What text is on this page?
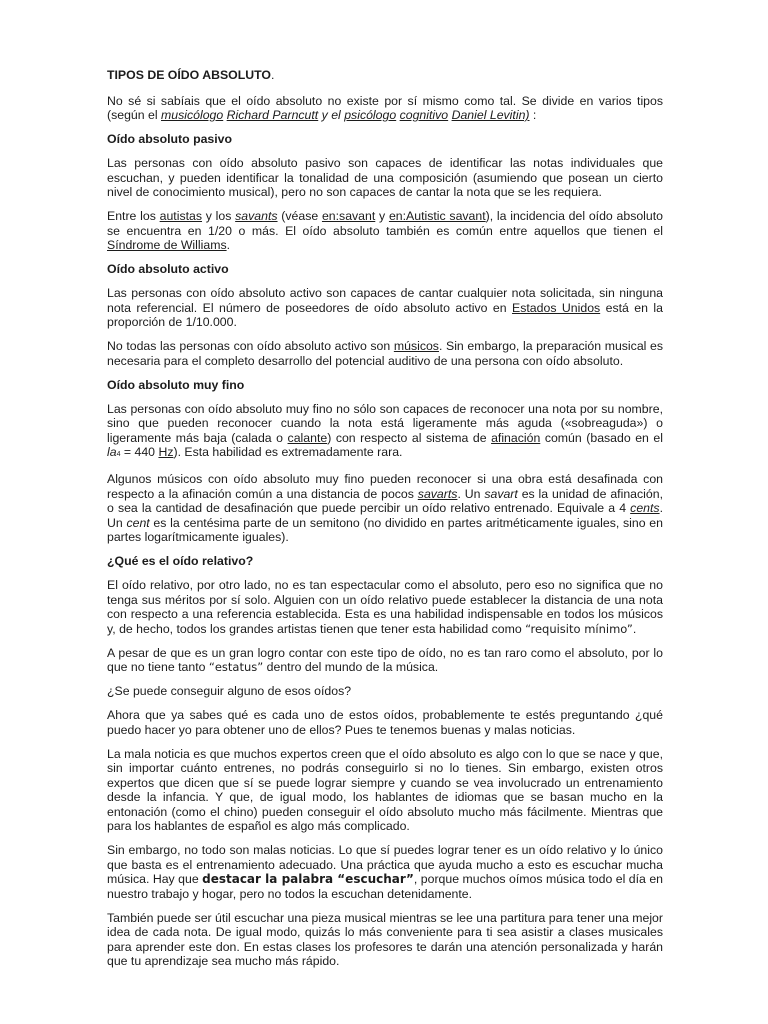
TIPOS DE OÍDO ABSOLUTO.

No sé si sabíais que el oído absoluto no existe por sí mismo como tal. Se divide en varios tipos (según el musicólogo Richard Parncutt y el psicólogo cognitivo Daniel Levitin) :

Oído absoluto pasivo

Las personas con oído absoluto pasivo son capaces de identificar las notas individuales que escuchan, y pueden identificar la tonalidad de una composición (asumiendo que posean un cierto nivel de conocimiento musical), pero no son capaces de cantar la nota que se les requiera.

Entre los autistas y los savants (véase en:savant y en:Autistic savant), la incidencia del oído absoluto se encuentra en 1/20 o más. El oído absoluto también es común entre aquellos que tienen el Síndrome de Williams.

Oído absoluto activo

Las personas con oído absoluto activo son capaces de cantar cualquier nota solicitada, sin ninguna nota referencial. El número de poseedores de oído absoluto activo en Estados Unidos está en la proporción de 1/10.000.

No todas las personas con oído absoluto activo son músicos. Sin embargo, la preparación musical es necesaria para el completo desarrollo del potencial auditivo de una persona con oído absoluto.

Oído absoluto muy fino

Las personas con oído absoluto muy fino no sólo son capaces de reconocer una nota por su nombre, sino que pueden reconocer cuando la nota está ligeramente más aguda («sobreaguda») o ligeramente más baja (calada o calante) con respecto al sistema de afinación común (basado en el la4 = 440 Hz). Esta habilidad es extremadamente rara.

Algunos músicos con oído absoluto muy fino pueden reconocer si una obra está desafinada con respecto a la afinación común a una distancia de pocos savarts. Un savart es la unidad de afinación, o sea la cantidad de desafinación que puede percibir un oído relativo entrenado. Equivale a 4 cents. Un cent es la centésima parte de un semitono (no dividido en partes aritméticamente iguales, sino en partes logarítmicamente iguales).

¿Qué es el oído relativo?

El oído relativo, por otro lado, no es tan espectacular como el absoluto, pero eso no significa que no tenga sus méritos por sí solo. Alguien con un oído relativo puede establecer la distancia de una nota con respecto a una referencia establecida. Esta es una habilidad indispensable en todos los músicos y, de hecho, todos los grandes artistas tienen que tener esta habilidad como “requisito mínimo”.

A pesar de que es un gran logro contar con este tipo de oído, no es tan raro como el absoluto, por lo que no tiene tanto “estatus” dentro del mundo de la música.

¿Se puede conseguir alguno de esos oídos?

Ahora que ya sabes qué es cada uno de estos oídos, probablemente te estés preguntando ¿qué puedo hacer yo para obtener uno de ellos? Pues te tenemos buenas y malas noticias.

La mala noticia es que muchos expertos creen que el oído absoluto es algo con lo que se nace y que, sin importar cuánto entrenes, no podrás conseguirlo si no lo tienes. Sin embargo, existen otros expertos que dicen que sí se puede lograr siempre y cuando se vea involucrado un entrenamiento desde la infancia. Y que, de igual modo, los hablantes de idiomas que se basan mucho en la entonación (como el chino) pueden conseguir el oído absoluto mucho más fácilmente. Mientras que para los hablantes de español es algo más complicado.

Sin embargo, no todo son malas noticias. Lo que sí puedes lograr tener es un oído relativo y lo único que basta es el entrenamiento adecuado. Una práctica que ayuda mucho a esto es escuchar mucha música. Hay que destacar la palabra “escuchar”, porque muchos oímos música todo el día en nuestro trabajo y hogar, pero no todos la escuchan detenidamente.

También puede ser útil escuchar una pieza musical mientras se lee una partitura para tener una mejor idea de cada nota. De igual modo, quizás lo más conveniente para ti sea asistir a clases musicales para aprender este don. En estas clases los profesores te darán una atención personalizada y harán que tu aprendizaje sea mucho más rápido.
